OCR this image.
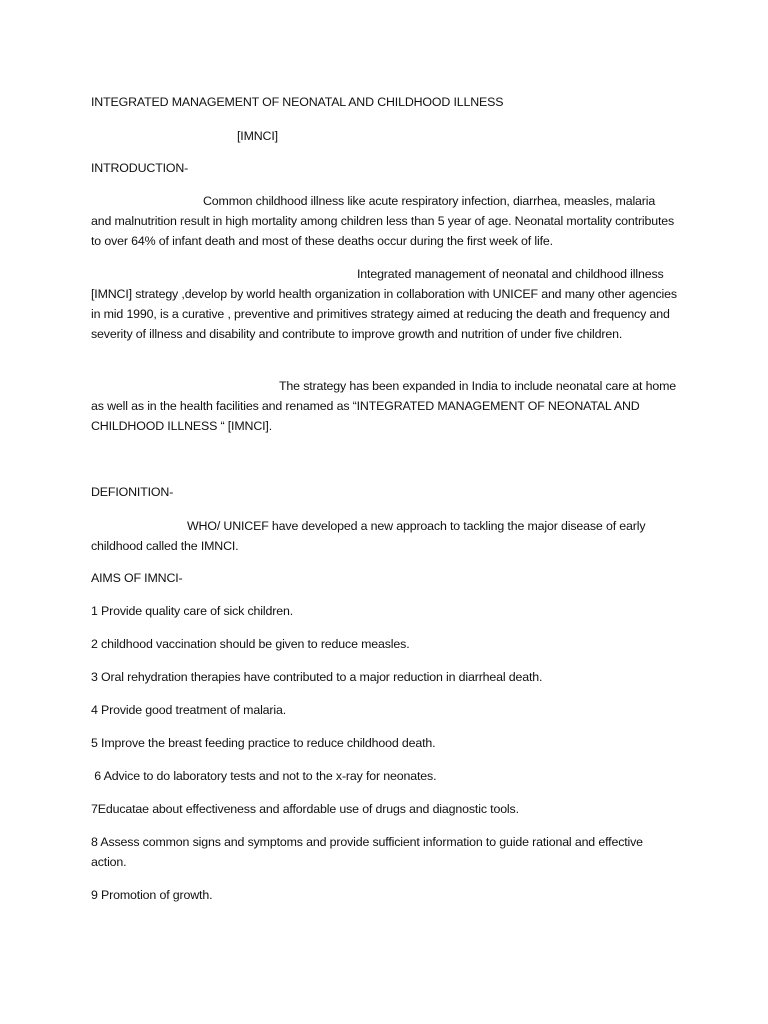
INTEGRATED MANAGEMENT OF NEONATAL AND CHILDHOOD ILLNESS
[IMNCI]
INTRODUCTION-
Common childhood illness like acute respiratory infection, diarrhea, measles, malaria and malnutrition result in high mortality among children less than 5 year of age. Neonatal mortality contributes to over 64% of infant death and most of these deaths occur during the first week of life.
Integrated management of neonatal and childhood illness [IMNCI] strategy ,develop by world health organization in collaboration with UNICEF and many other agencies in mid 1990, is a curative , preventive and primitives strategy aimed at reducing the death and frequency and severity of illness and disability and contribute to improve growth and nutrition of under five children.
The strategy has been expanded in India to include neonatal care at home as well as in the health facilities and renamed as “INTEGRATED MANAGEMENT OF NEONATAL AND CHILDHOOD ILLNESS “ [IMNCI].
DEFIONITION-
WHO/ UNICEF have developed a new approach to tackling the major disease of early childhood called the IMNCI.
AIMS OF IMNCI-
1 Provide quality care of sick children.
2 childhood vaccination should be given to reduce measles.
3 Oral rehydration therapies have contributed to a major reduction in diarrheal death.
4 Provide good treatment of malaria.
5 Improve the breast feeding practice to reduce childhood death.
6 Advice to do laboratory tests and not to the x-ray for neonates.
7Educatae about effectiveness and affordable use of drugs and diagnostic tools.
8 Assess common signs and symptoms and provide sufficient information to guide rational and effective action.
9 Promotion of growth.
